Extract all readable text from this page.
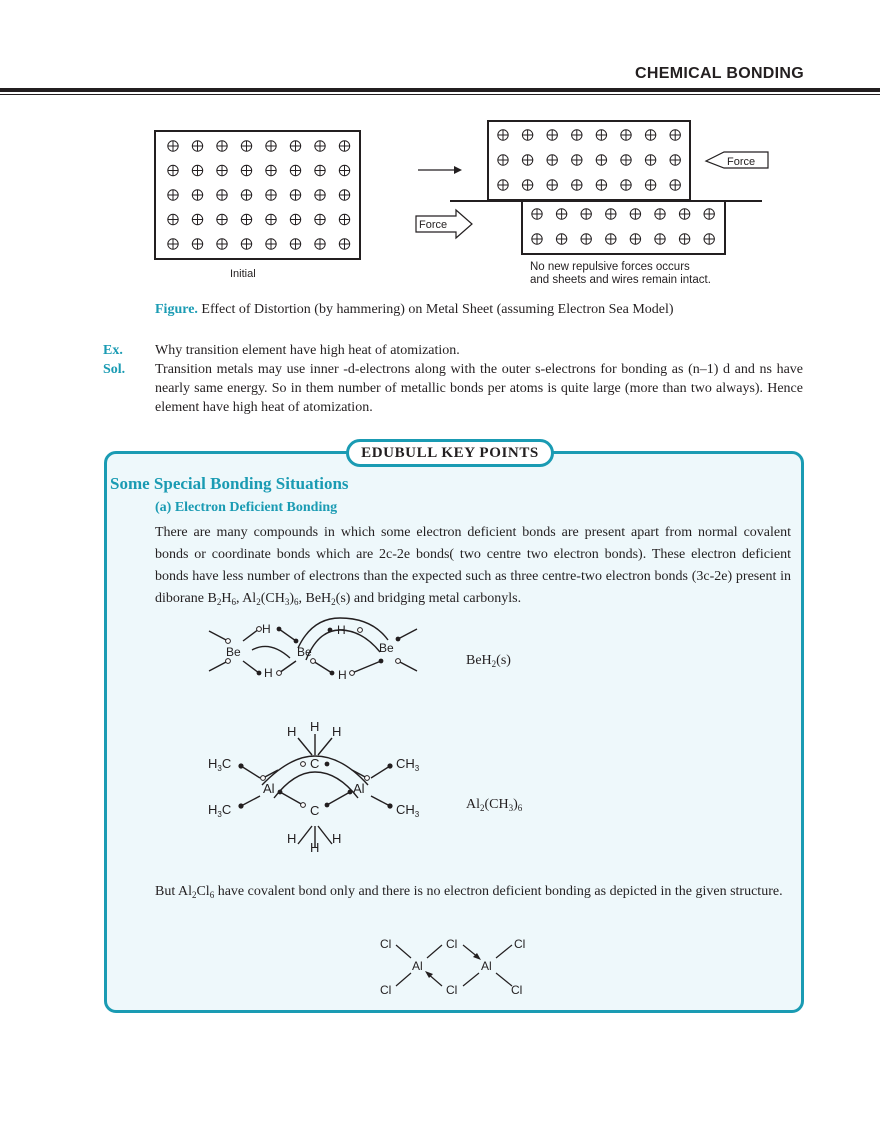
CHEMICAL BONDING
Initial
Force
Force
No new repulsive forces occurs
and sheets and wires remain intact.
Figure. Effect of Distortion (by hammering) on Metal Sheet (assuming Electron Sea Model)
Ex.	Why transition element have high heat of atomization.
Sol.	Transition metals may use inner -d-electrons along with the outer s-electrons for bonding as (n–1) d and ns have nearly same energy. So in them number of metallic bonds per atoms is quite large (more than two always). Hence element have high heat of atomization.
EDUBULL KEY POINTS
Some Special Bonding Situations
(a) Electron Deficient Bonding
There are many compounds in which some electron deficient bonds are present apart from normal covalent bonds or coordinate bonds which are 2c-2e bonds( two centre two electron bonds). These electron deficient bonds have less number of electrons than the expected such as three centre-two electron bonds (3c-2e) present in diborane $B_2H_6$, $Al_2(CH_3)_6$, BeH$_2$(s) and bridging metal carbonyls.
Be	Be	Be
H
H
H
H
BeH$_2$(s)
Al	Al
C
C
H H H
H
H
H
$H_3C$
$H_3C$
$CH_3$
$CH_3$
$Al_2(CH_3)_6$
But $Al_2Cl_6$ have covalent bond only and there is no electron deficient bonding as depicted in the given structure.
Cl	Cl	Cl
Al	Al
Cl	Cl	Cl
